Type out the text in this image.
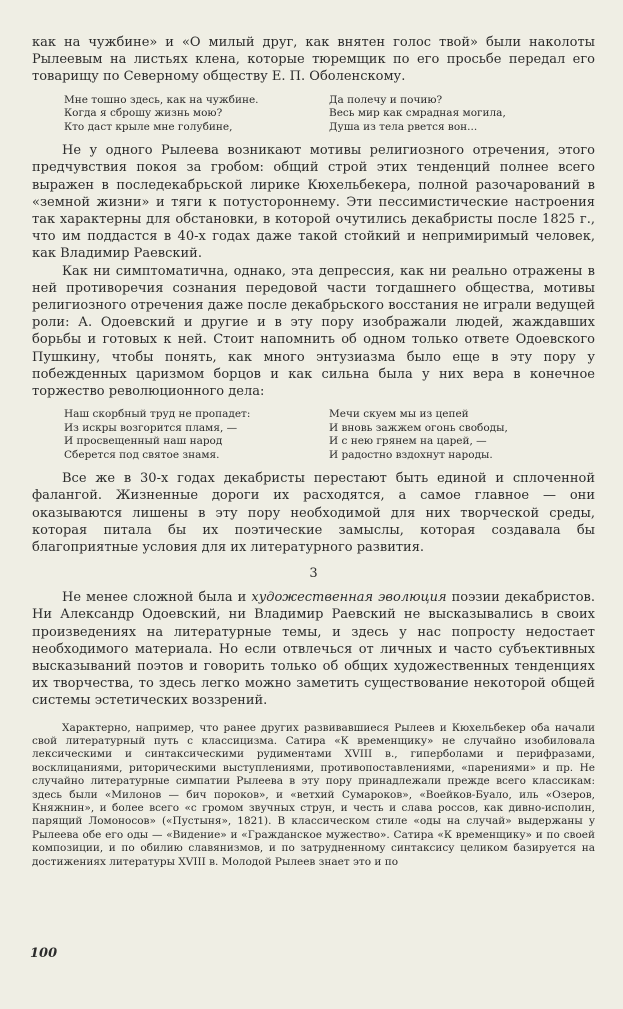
как на чужбине» и «О милый друг, как внятен голос твой» были наколоты Рылеевым на листьях клена, которые тюремщик по его просьбе передал его товарищу по Северному обществу Е. П. Оболенскому.

Мне тошно здесь, как на чужбине.
Когда я сброшу жизнь мою?
Кто даст крыле мне голубине,
Да полечу и почию?
Весь мир как смрадная могила,
Душа из тела рвется вон...

Не у одного Рылеева возникают мотивы религиозного отречения, этого предчувствия покоя за гробом: общий строй этих тенденций полнее всего выражен в последекабрьской лирике Кюхельбекера, полной разочарований в «земной жизни» и тяги к потустороннему. Эти пессимистические настроения так характерны для обстановки, в которой очутились декабристы после 1825 г., что им поддастся в 40-х годах даже такой стойкий и непримиримый человек, как Владимир Раевский.

Как ни симптоматична, однако, эта депрессия, как ни реально отражены в ней противоречия сознания передовой части тогдашнего общества, мотивы религиозного отречения даже после декабрьского восстания не играли ведущей роли: А. Одоевский и другие и в эту пору изображали людей, жаждавших борьбы и готовых к ней. Стоит напомнить об одном только ответе Одоевского Пушкину, чтобы понять, как много энтузиазма было еще в эту пору у побежденных царизмом борцов и как сильна была у них вера в конечное торжество революционного дела:

Наш скорбный труд не пропадет:
Из искры возгорится пламя, —
И просвещенный наш народ
Сберется под святое знамя.
Мечи скуем мы из цепей
И вновь зажжем огонь свободы,
И с нею грянем на царей, —
И радостно вздохнут народы.

Все же в 30-х годах декабристы перестают быть единой и сплоченной фалангой. Жизненные дороги их расходятся, а самое главное — они оказываются лишены в эту пору необходимой для них творческой среды, которая питала бы их поэтические замыслы, которая создавала бы благоприятные условия для их литературного развития.

3

Не менее сложной была и художественная эволюция поэзии декабристов. Ни Александр Одоевский, ни Владимир Раевский не высказывались в своих произведениях на литературные темы, и здесь у нас попросту недостает необходимого материала. Но если отвлечься от личных и часто субъективных высказываний поэтов и говорить только об общих художественных тенденциях их творчества, то здесь легко можно заметить существование некоторой общей системы эстетических воззрений.

Характерно, например, что ранее других развивавшиеся Рылеев и Кюхельбекер оба начали свой литературный путь с классицизма. Сатира «К временщику» не случайно изобиловала лексическими и синтаксическими рудиментами XVIII в., гиперболами и перифразами, восклицаниями, риторическими выступлениями, противопоставлениями, «парениями» и пр. Не случайно литературные симпатии Рылеева в эту пору принадлежали прежде всего классикам: здесь были «Милонов — бич пороков», и «ветхий Сумароков», «Воейков-Буало, иль «Озеров, Княжнин», и более всего «с громом звучных струн, и честь и слава россов, как дивно-исполин, парящий Ломоносов» («Пустыня», 1821). В классическом стиле «оды на случай» выдержаны у Рылеева обе его оды — «Видение» и «Гражданское мужество». Сатира «К временщику» и по своей композиции, и по обилию славянизмов, и по затрудненному синтаксису целиком базируется на достижениях литературы XVIII в. Молодой Рылеев знает это и по

100
